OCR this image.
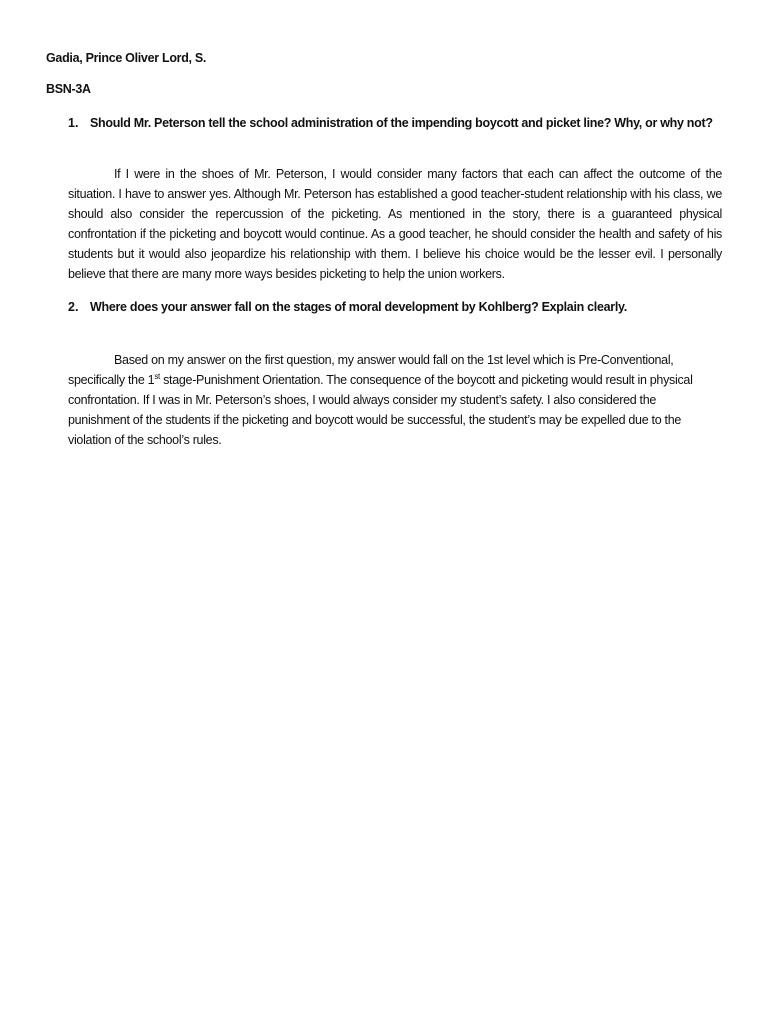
Gadia, Prince Oliver Lord, S.
BSN-3A
1. Should Mr. Peterson tell the school administration of the impending boycott and picket line? Why, or why not?

If I were in the shoes of Mr. Peterson, I would consider many factors that each can affect the outcome of the situation. I have to answer yes. Although Mr. Peterson has established a good teacher-student relationship with his class, we should also consider the repercussion of the picketing. As mentioned in the story, there is a guaranteed physical confrontation if the picketing and boycott would continue. As a good teacher, he should consider the health and safety of his students but it would also jeopardize his relationship with them. I believe his choice would be the lesser evil. I personally believe that there are many more ways besides picketing to help the union workers.

2. Where does your answer fall on the stages of moral development by Kohlberg? Explain clearly.

Based on my answer on the first question, my answer would fall on the 1st level which is Pre-Conventional, specifically the 1st stage-Punishment Orientation. The consequence of the boycott and picketing would result in physical confrontation. If I was in Mr. Peterson’s shoes, I would always consider my student’s safety. I also considered the punishment of the students if the picketing and boycott would be successful, the student’s may be expelled due to the violation of the school’s rules.
